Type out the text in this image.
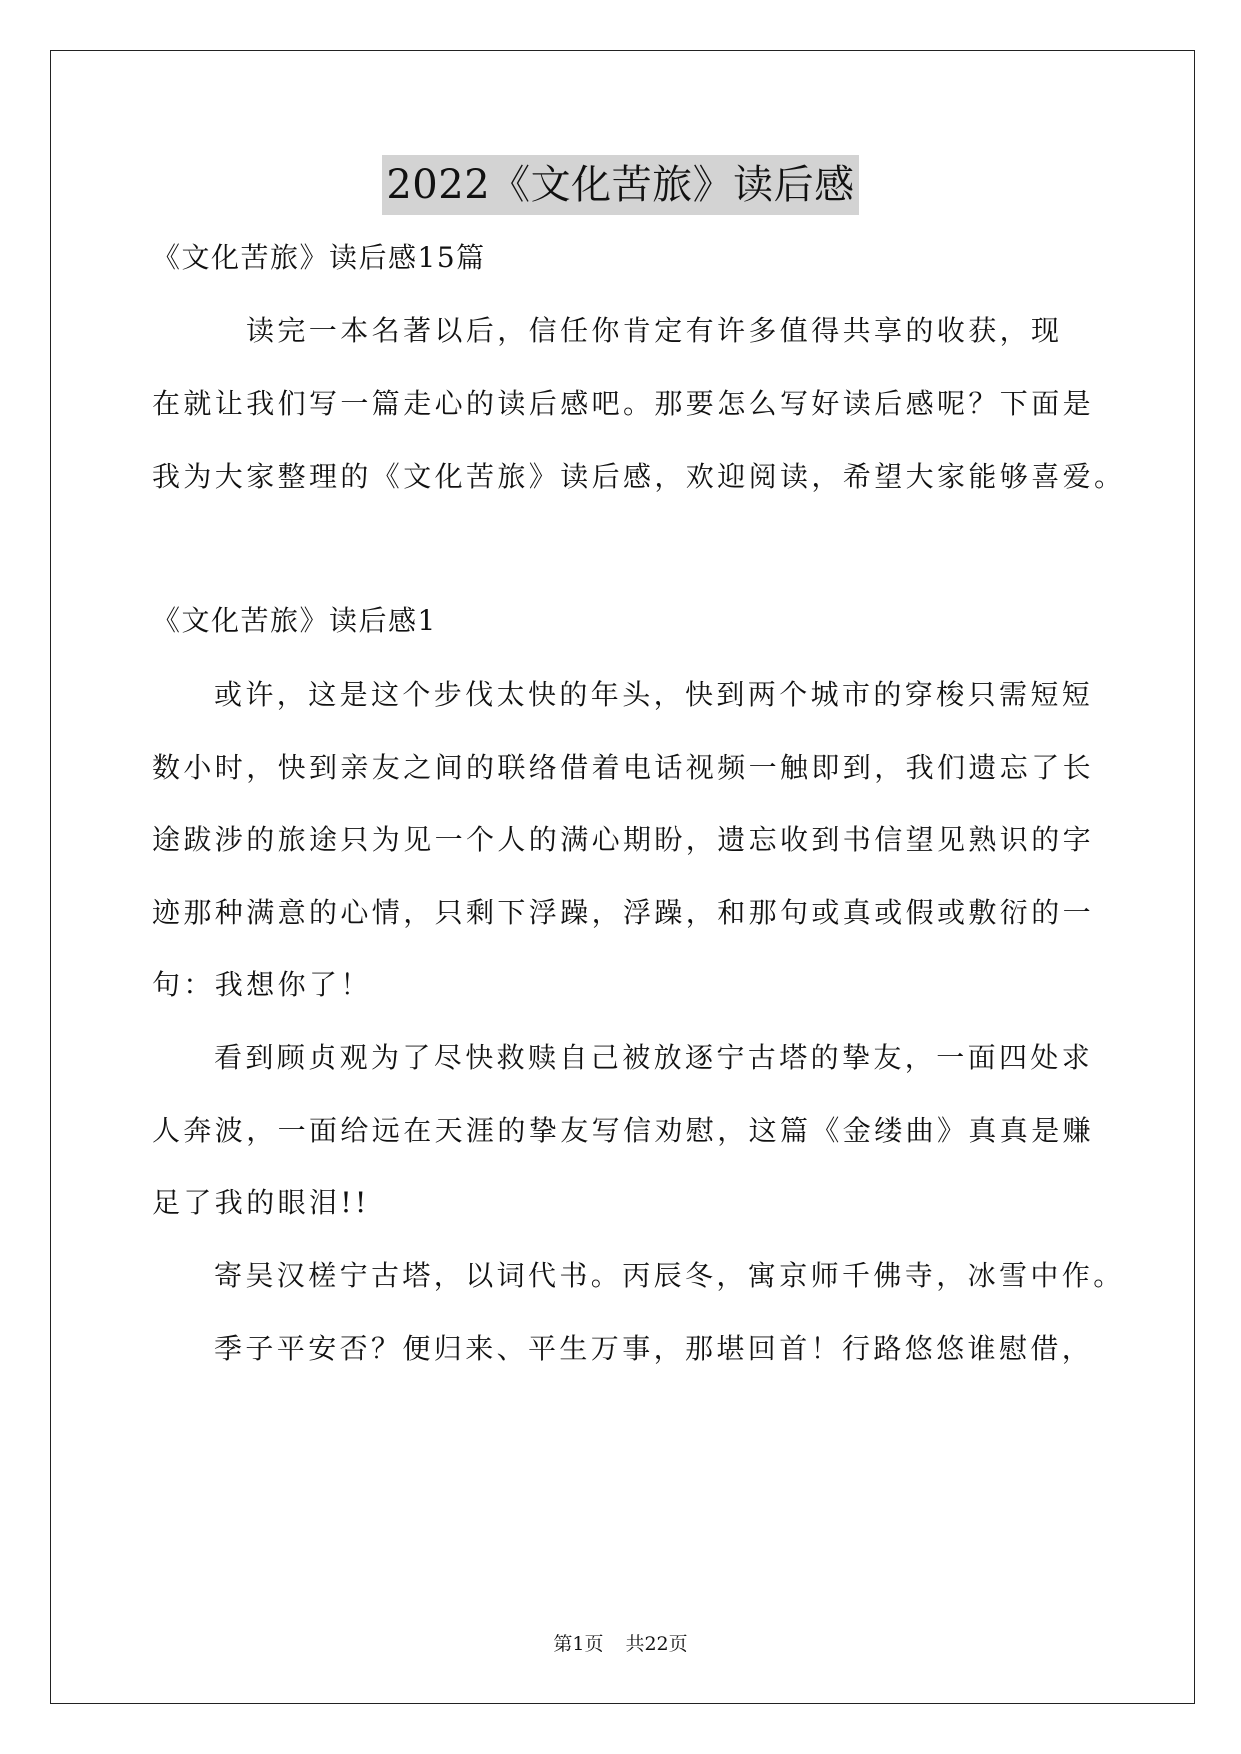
2022《文化苦旅》读后感
《文化苦旅》读后感15篇
读完一本名著以后，信任你肯定有许多值得共享的收获，现
在就让我们写一篇走心的读后感吧。那要怎么写好读后感呢？下面是
我为大家整理的《文化苦旅》读后感，欢迎阅读，希望大家能够喜爱。
《文化苦旅》读后感1
或许，这是这个步伐太快的年头，快到两个城市的穿梭只需短短
数小时，快到亲友之间的联络借着电话视频一触即到，我们遗忘了长
途跋涉的旅途只为见一个人的满心期盼，遗忘收到书信望见熟识的字
迹那种满意的心情，只剩下浮躁，浮躁，和那句或真或假或敷衍的一
句：我想你了！
看到顾贞观为了尽快救赎自己被放逐宁古塔的挚友，一面四处求
人奔波，一面给远在天涯的挚友写信劝慰，这篇《金缕曲》真真是赚
足了我的眼泪!!
寄吴汉槎宁古塔，以词代书。丙辰冬，寓京师千佛寺，冰雪中作。
季子平安否？便归来、平生万事，那堪回首！行路悠悠谁慰借，
第1页 共22页
